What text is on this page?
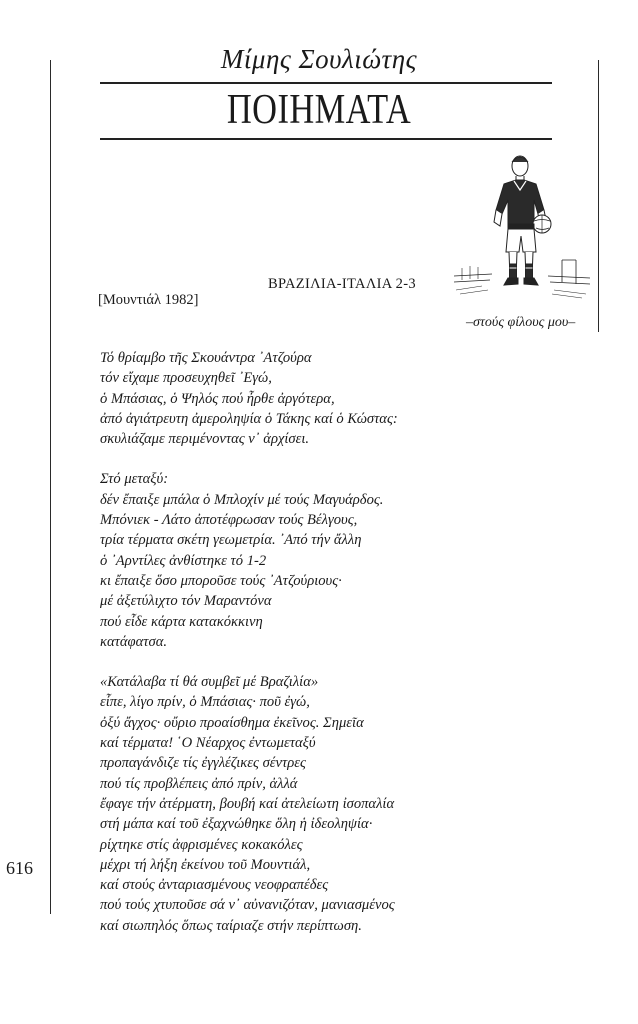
Μίμης Σουλιώτης
ΠΟΙΗΜΑΤΑ
ΒΡΑΖΙΛΙΑ-ΙΤΑΛΙΑ 2-3
[Μουντιάλ 1982]
–στούς φίλους μου–
Τό θρίαμβο τῆς Σκουάντρα ᾿Ατζούρα
τόν εἴχαμε προσευχηθεῖ ᾿Εγώ,
ὁ Μπάσιας, ὁ Ψηλός πού ἦρθε ἀργότερα,
ἀπό ἀγιάτρευτη ἀμεροληψία ὁ Τάκης καί ὁ Κώστας:
σκυλιάζαμε περιμένοντας ν᾿ ἀρχίσει.
Στό μεταξύ:
δέν ἔπαιξε μπάλα ὁ Μπλοχίν μέ τούς Μαγυάρδος.
Μπόνιεκ - Λάτο ἀποτέφρωσαν τούς Βέλγους,
τρία τέρματα σκέτη γεωμετρία. ᾿Από τήν ἄλλη
ὁ ᾿Αρντίλες ἀνθίστηκε τό 1-2
κι ἔπαιξε ὅσο μποροῦσε τούς ᾿Ατζούριους·
μέ ἀξετύλιχτο τόν Μαραντόνα
πού εἶδε κάρτα κατακόκκινη
κατάφατσα.
«Κατάλαβα τί θά συμβεῖ μέ Βραζιλία»
εἶπε, λίγο πρίν, ὁ Μπάσιας· ποῦ ἐγώ,
ὀξύ ἄγχος· οὔριο προαίσθημα ἐκεῖνος. Σημεῖα
καί τέρματα! ῾Ο Νέαρχος ἐντωμεταξύ
προπαγάνδιζε τίς ἐγγλέζικες σέντρες
πού τίς προβλέπεις ἀπό πρίν, ἀλλά
ἔφαγε τήν ἀτέρματη, βουβή καί ἀτελείωτη ἰσοπαλία
στή μάπα καί τοῦ ἐξαχνώθηκε ὅλη ἡ ἰδεοληψία·
ρίχτηκε στίς ἀφρισμένες κοκακόλες
μέχρι τή λήξη ἐκείνου τοῦ Μουντιάλ,
καί στούς ἀνταριασμένους νεοφραπέδες
πού τούς χτυποῦσε σά ν᾿ αὐνανιζόταν, μανιασμένος
καί σιωπηλός ὅπως ταίριαζε στήν περίπτωση.
616
